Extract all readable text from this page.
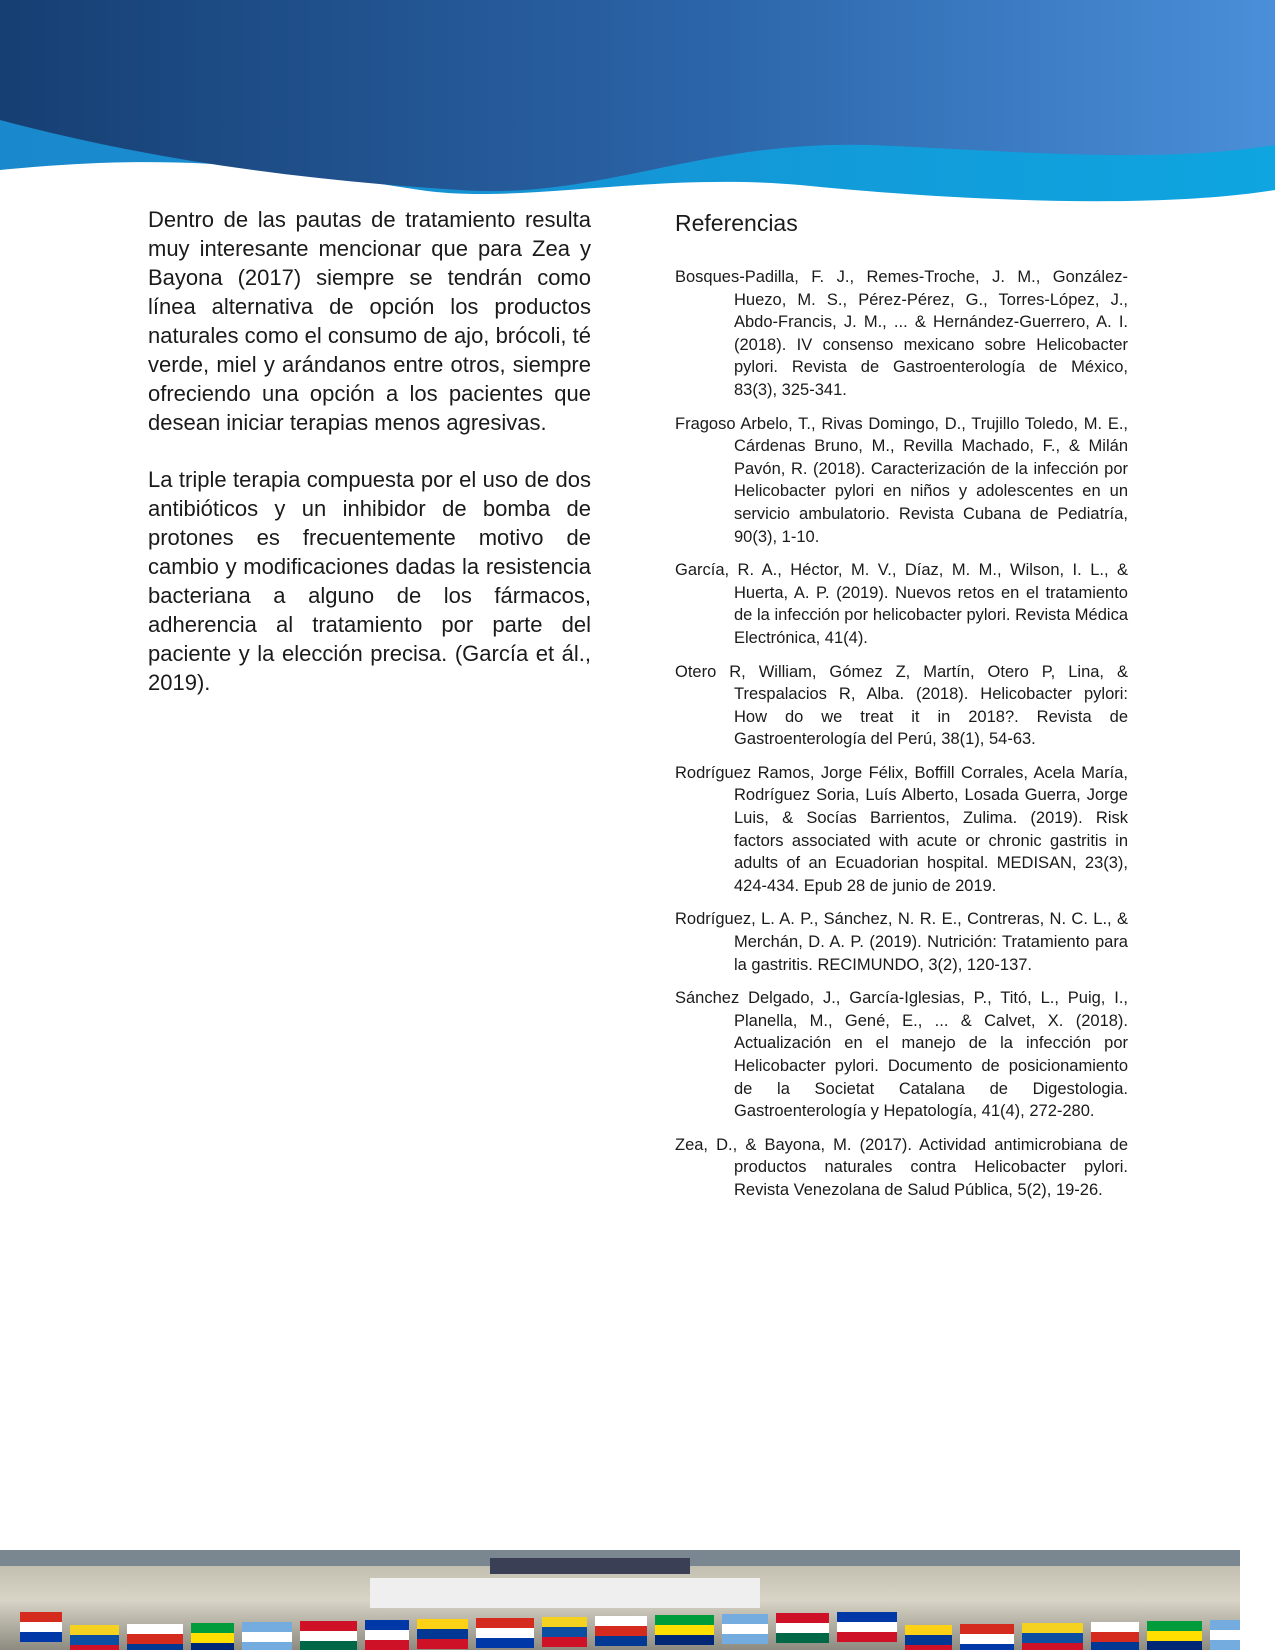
Dentro de las pautas de tratamiento resulta muy interesante mencionar que para Zea y Bayona (2017) siempre se tendrán como línea alternativa de opción los productos naturales como el consumo de ajo, brócoli, té verde, miel y arándanos entre otros, siempre ofreciendo una opción a los pacientes que desean iniciar terapias menos agresivas.

La triple terapia compuesta por el uso de dos antibióticos y un inhibidor de bomba de protones es frecuentemente motivo de cambio y modificaciones dadas la resistencia bacteriana a alguno de los fármacos, adherencia al tratamiento por parte del paciente y la elección precisa. (García et ál., 2019).

Referencias
Bosques-Padilla, F. J., Remes-Troche, J. M., González-Huezo, M. S., Pérez-Pérez, G., Torres-López, J., Abdo-Francis, J. M., ... & Hernández-Guerrero, A. I. (2018). IV consenso mexicano sobre Helicobacter pylori. Revista de Gastroenterología de México, 83(3), 325-341.
Fragoso Arbelo, T., Rivas Domingo, D., Trujillo Toledo, M. E., Cárdenas Bruno, M., Revilla Machado, F., & Milán Pavón, R. (2018). Caracterización de la infección por Helicobacter pylori en niños y adolescentes en un servicio ambulatorio. Revista Cubana de Pediatría, 90(3), 1-10.
García, R. A., Héctor, M. V., Díaz, M. M., Wilson, I. L., & Huerta, A. P. (2019). Nuevos retos en el tratamiento de la infección por helicobacter pylori. Revista Médica Electrónica, 41(4).
Otero R, William, Gómez Z, Martín, Otero P, Lina, & Trespalacios R, Alba. (2018). Helicobacter pylori: How do we treat it in 2018?. Revista de Gastroenterología del Perú, 38(1), 54-63.
Rodríguez Ramos, Jorge Félix, Boffill Corrales, Acela María, Rodríguez Soria, Luís Alberto, Losada Guerra, Jorge Luis, & Socías Barrientos, Zulima. (2019). Risk factors associated with acute or chronic gastritis in adults of an Ecuadorian hospital. MEDISAN, 23(3), 424-434. Epub 28 de junio de 2019.
Rodríguez, L. A. P., Sánchez, N. R. E., Contreras, N. C. L., & Merchán, D. A. P. (2019). Nutrición: Tratamiento para la gastritis. RECIMUNDO, 3(2), 120-137.
Sánchez Delgado, J., García-Iglesias, P., Titó, L., Puig, I., Planella, M., Gené, E., ... & Calvet, X. (2018). Actualización en el manejo de la infección por Helicobacter pylori. Documento de posicionamiento de la Societat Catalana de Digestologia. Gastroenterología y Hepatología, 41(4), 272-280.
Zea, D., & Bayona, M. (2017). Actividad antimicrobiana de productos naturales contra Helicobacter pylori. Revista Venezolana de Salud Pública, 5(2), 19-26.
